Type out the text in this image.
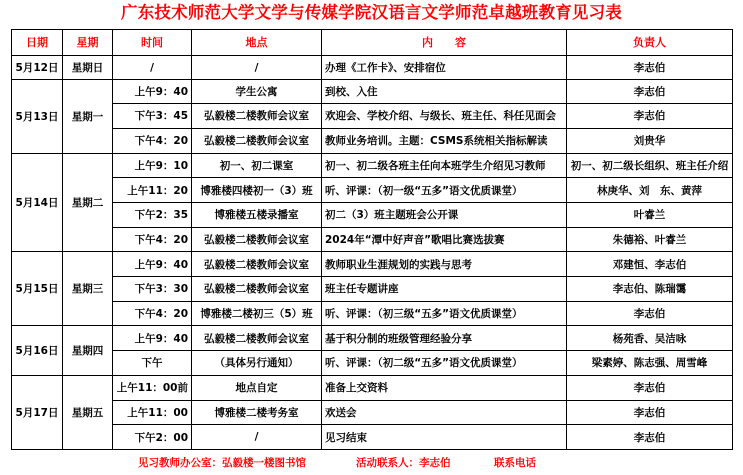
广东技术师范大学文学与传媒学院汉语言文学师范卓越班教育见习表
日期	星期	时间	地点	内　　容	负责人
5月12日	星期日	/	/	办理《工作卡》、安排宿位	李志伯
5月13日	星期一	上午9：40	学生公寓	到校、入住	李志伯
		下午3：45	弘毅楼二楼教师会议室	欢迎会、学校介绍、与级长、班主任、科任见面会	李志伯
		下午4：20	弘毅楼二楼教师会议室	教师业务培训。主题：CSMS系统相关指标解读	刘贵华
5月14日	星期二	上午9：10	初一、初二课室	初一、初二级各班主任向本班学生介绍见习教师	初一、初二级长组织、班主任介绍
		上午11：20	博雅楼四楼初一（3）班	听、评课：（初一级“五多”语文优质课堂）	林庚华、刘　东、黄萍
		下午2：35	博雅楼五楼录播室	初二（3）班主题班会公开课	叶睿兰
		下午4：20	弘毅楼二楼教师会议室	2024年“潭中好声音”歌唱比赛选拔赛	朱德裕、叶睿兰
5月15日	星期三	上午9：40	弘毅楼二楼教师会议室	教师职业生涯规划的实践与思考	邓建恒、李志伯
		下午3：30	弘毅楼二楼教师会议室	班主任专题讲座	李志伯、陈瑞霭
		下午4：20	博雅楼二楼初三（5）班	听、评课：（初三级“五多”语文优质课堂）	李志伯
5月16日	星期四	上午9：40	弘毅楼二楼教师会议室	基于积分制的班级管理经验分享	杨苑香、吴洁咏
		下午	（具体另行通知）	听、评课：（初二级“五多”语文优质课堂）	梁素婷、陈志强、周雪峰
5月17日	星期五	上午11：00前	地点自定	准备上交资料	李志伯
		上午11：00	博雅楼二楼考务室	欢送会	李志伯
		下午2：00	/	见习结束	李志伯
见习教师办公室：弘毅楼一楼图书馆	活动联系人：李志伯	联系电话
